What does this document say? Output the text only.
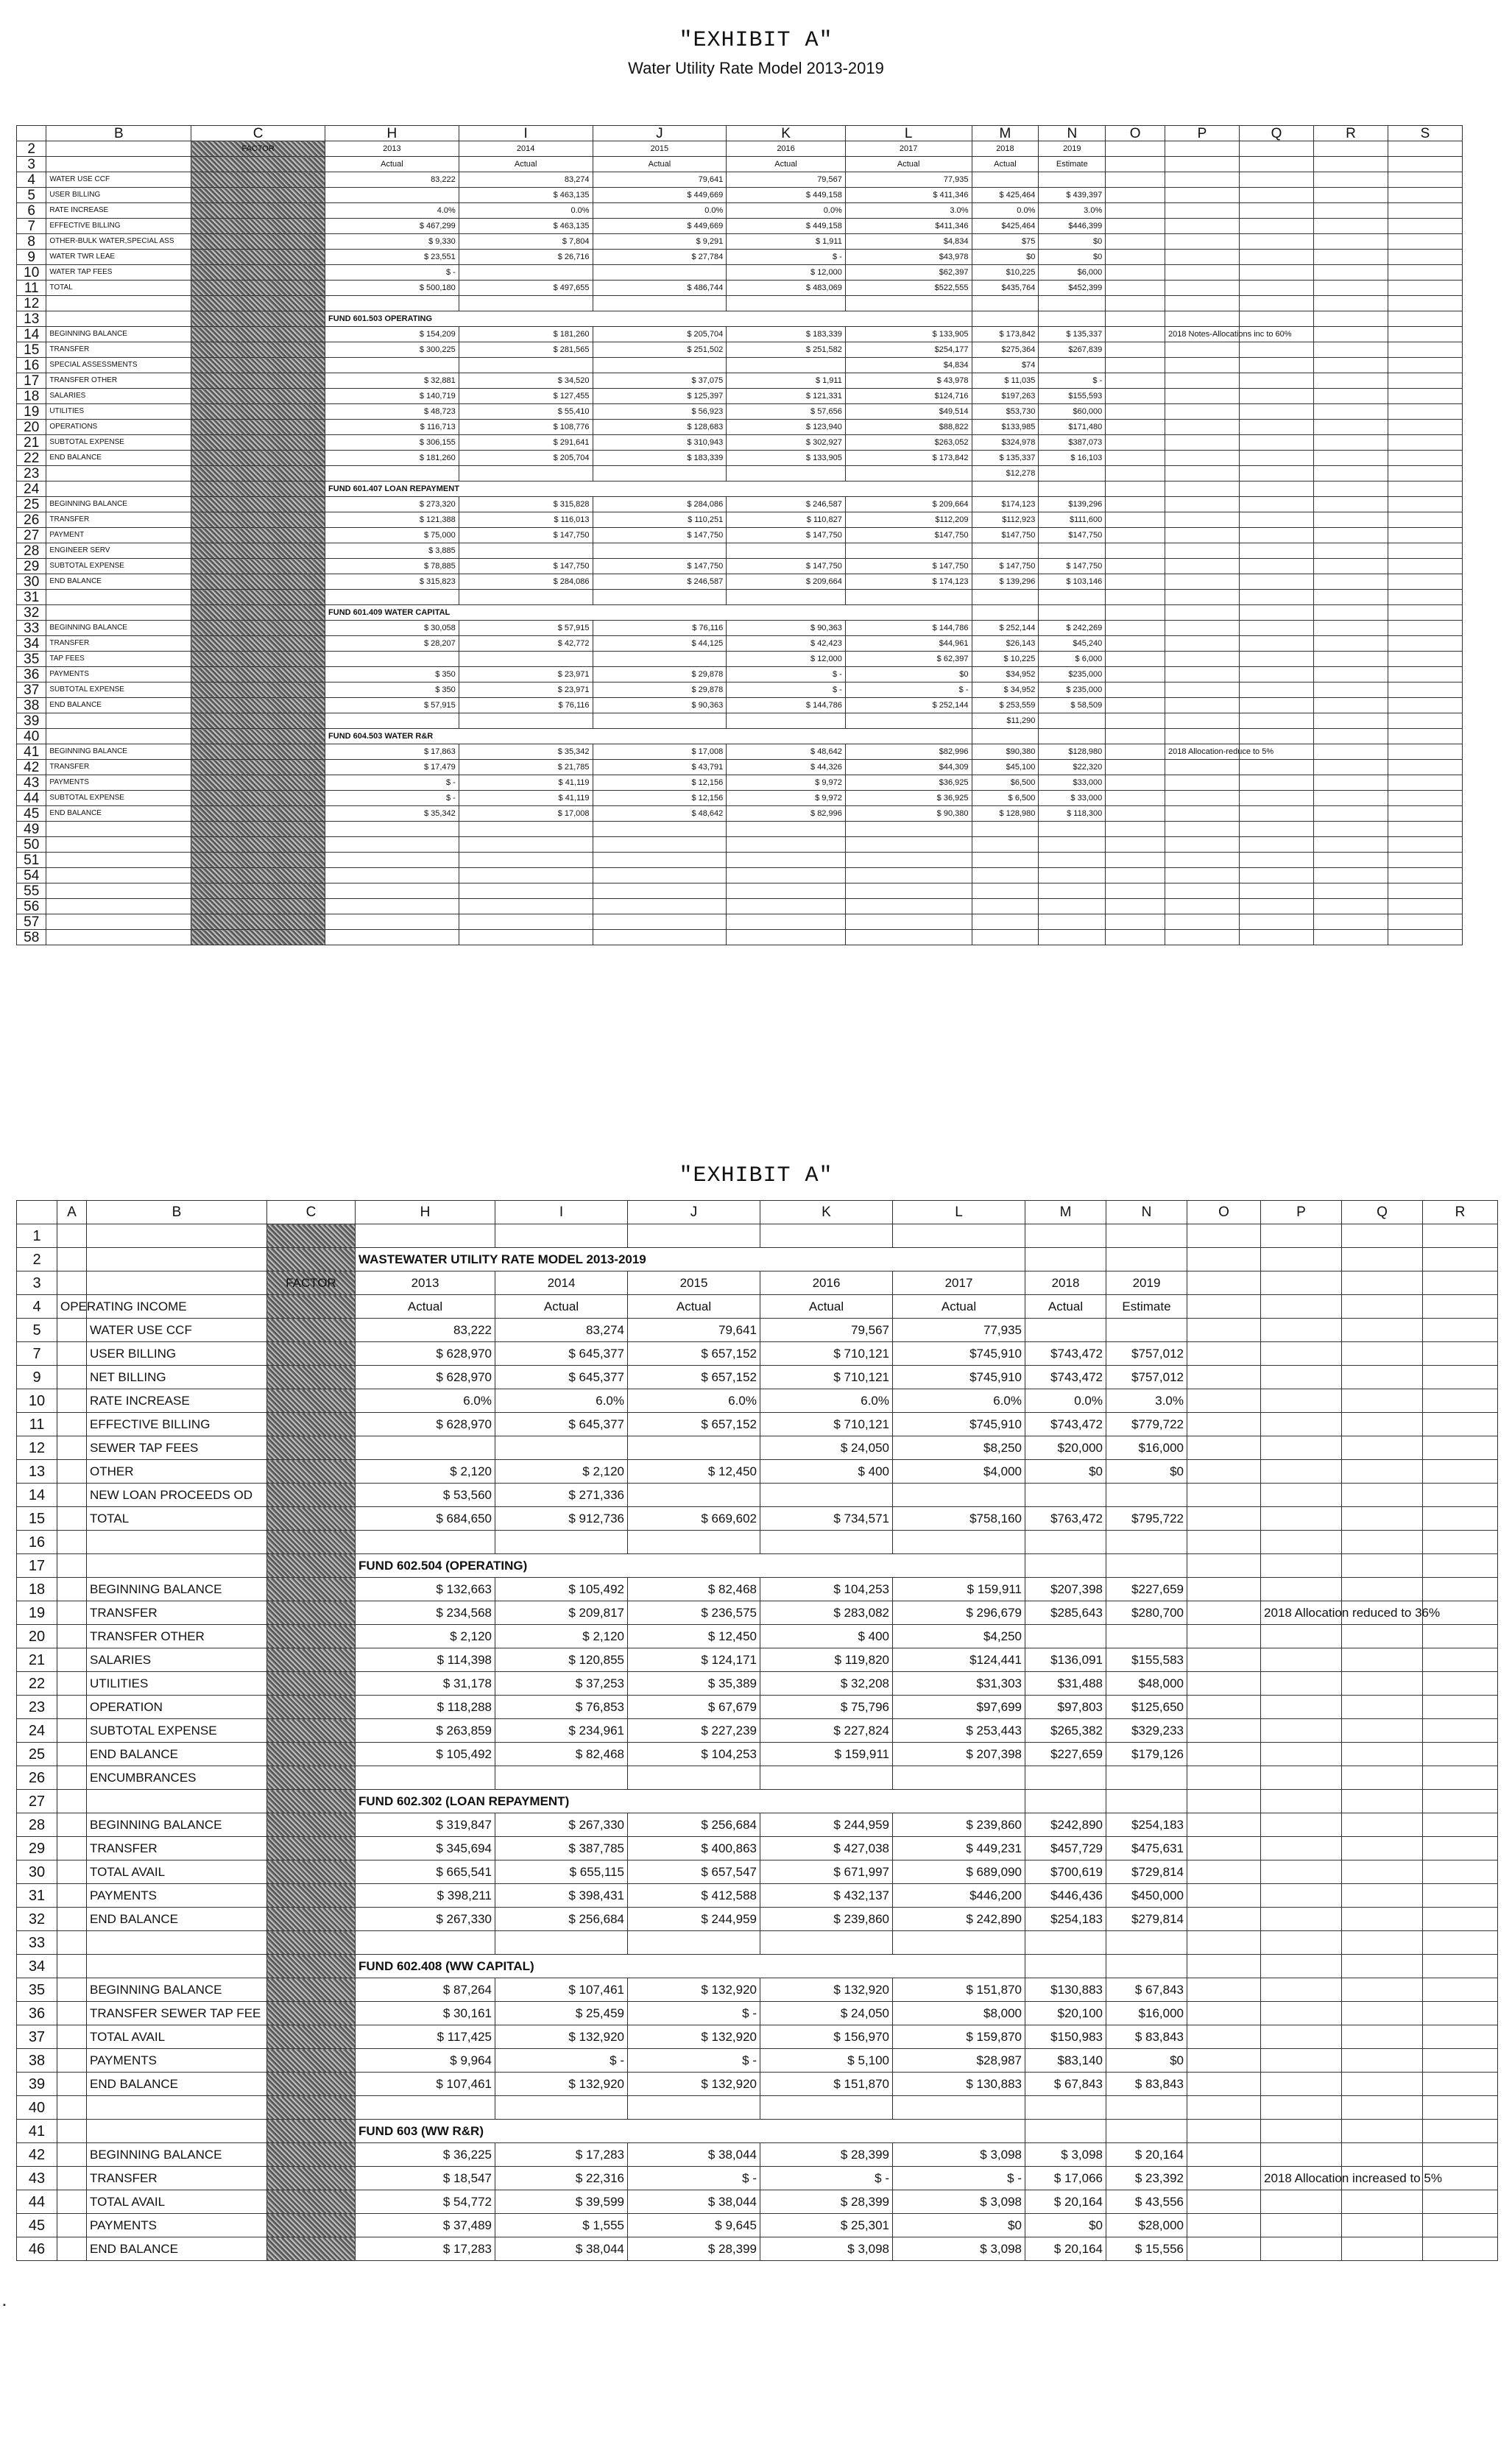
"EXHIBIT A"
Water Utility Rate Model 2013-2019
	B	C	H	I	J	K	L	M	N	O	P	Q	R	S
2		FACTOR	2013	2014	2015	2016	2017	2018	2019					
3			Actual	Actual	Actual	Actual	Actual	Actual	Estimate					
4	WATER USE CCF		83,222	83,274	79,641	79,567	77,935							
5	USER BILLING			$ 463,135	$ 449,669	$ 449,158	$ 411,346	$ 425,464	$ 439,397					
6	RATE INCREASE		4.0%	0.0%	0.0%	0.0%	3.0%	0.0%	3.0%					
7	EFFECTIVE BILLING		$ 467,299	$ 463,135	$ 449,669	$ 449,158	$411,346	$425,464	$446,399					
8	OTHER-BULK WATER,SPECIAL ASS		$ 9,330	$ 7,804	$ 9,291	$ 1,911	$4,834	$75	$0					
9	WATER TWR LEAE		$ 23,551	$ 26,716	$ 27,784	$ -	$43,978	$0	$0					
10	WATER TAP FEES		$ -			$ 12,000	$62,397	$10,225	$6,000					
11	TOTAL		$ 500,180	$ 497,655	$ 486,744	$ 483,069	$522,555	$435,764	$452,399					
12														
13			FUND 601.503 OPERATING											
14	BEGINNING BALANCE		$ 154,209	$ 181,260	$ 205,704	$ 183,339	$ 133,905	$ 173,842	$ 135,337		2018 Notes-Allocations inc to 60%			
15	TRANSFER		$ 300,225	$ 281,565	$ 251,502	$ 251,582	$254,177	$275,364	$267,839					
16	SPECIAL ASSESSMENTS						$4,834	$74						
17	TRANSFER OTHER		$ 32,881	$ 34,520	$ 37,075	$ 1,911	$ 43,978	$ 11,035	$ -					
18	SALARIES		$ 140,719	$ 127,455	$ 125,397	$ 121,331	$124,716	$197,263	$155,593					
19	UTILITIES		$ 48,723	$ 55,410	$ 56,923	$ 57,656	$49,514	$53,730	$60,000					
20	OPERATIONS		$ 116,713	$ 108,776	$ 128,683	$ 123,940	$88,822	$133,985	$171,480					
21	SUBTOTAL EXPENSE		$ 306,155	$ 291,641	$ 310,943	$ 302,927	$263,052	$324,978	$387,073					
22	END BALANCE		$ 181,260	$ 205,704	$ 183,339	$ 133,905	$ 173,842	$ 135,337	$ 16,103					
23								$12,278						
24			FUND 601.407 LOAN REPAYMENT											
25	BEGINNING BALANCE		$ 273,320	$ 315,828	$ 284,086	$ 246,587	$ 209,664	$174,123	$139,296					
26	TRANSFER		$ 121,388	$ 116,013	$ 110,251	$ 110,827	$112,209	$112,923	$111,600					
27	PAYMENT		$ 75,000	$ 147,750	$ 147,750	$ 147,750	$147,750	$147,750	$147,750					
28	ENGINEER SERV		$ 3,885											
29	SUBTOTAL EXPENSE		$ 78,885	$ 147,750	$ 147,750	$ 147,750	$ 147,750	$ 147,750	$ 147,750					
30	END BALANCE		$ 315,823	$ 284,086	$ 246,587	$ 209,664	$ 174,123	$ 139,296	$ 103,146					
31														
32			FUND 601.409 WATER CAPITAL											
33	BEGINNING BALANCE		$ 30,058	$ 57,915	$ 76,116	$ 90,363	$ 144,786	$ 252,144	$ 242,269					
34	TRANSFER		$ 28,207	$ 42,772	$ 44,125	$ 42,423	$44,961	$26,143	$45,240					
35	TAP FEES					$ 12,000	$ 62,397	$ 10,225	$ 6,000					
36	PAYMENTS		$ 350	$ 23,971	$ 29,878	$ -	$0	$34,952	$235,000					
37	SUBTOTAL EXPENSE		$ 350	$ 23,971	$ 29,878	$ -	$ -	$ 34,952	$ 235,000					
38	END BALANCE		$ 57,915	$ 76,116	$ 90,363	$ 144,786	$ 252,144	$ 253,559	$ 58,509					
39								$11,290						
40			FUND 604.503 WATER R&R											
41	BEGINNING BALANCE		$ 17,863	$ 35,342	$ 17,008	$ 48,642	$82,996	$90,380	$128,980		2018 Allocation-reduce to 5%			
42	TRANSFER		$ 17,479	$ 21,785	$ 43,791	$ 44,326	$44,309	$45,100	$22,320					
43	PAYMENTS		$ -	$ 41,119	$ 12,156	$ 9,972	$36,925	$6,500	$33,000					
44	SUBTOTAL EXPENSE		$ -	$ 41,119	$ 12,156	$ 9,972	$ 36,925	$ 6,500	$ 33,000					
45	END BALANCE		$ 35,342	$ 17,008	$ 48,642	$ 82,996	$ 90,380	$ 128,980	$ 118,300					
49														
50														
51														
54														
55														
56														
57														
58														
"EXHIBIT A"
	A	B	C	H	I	J	K	L	M	N	O	P	Q	R
1														
2				WASTEWATER UTILITY RATE MODEL 2013-2019										
3			FACTOR	2013	2014	2015	2016	2017	2018	2019				
4	OPERATING INCOME			Actual	Actual	Actual	Actual	Actual	Actual	Estimate				
5		WATER USE CCF		83,222	83,274	79,641	79,567	77,935						
7		USER BILLING		$ 628,970	$ 645,377	$ 657,152	$ 710,121	$745,910	$743,472	$757,012				
9		NET BILLING		$ 628,970	$ 645,377	$ 657,152	$ 710,121	$745,910	$743,472	$757,012				
10		RATE INCREASE		6.0%	6.0%	6.0%	6.0%	6.0%	0.0%	3.0%				
11		EFFECTIVE BILLING		$ 628,970	$ 645,377	$ 657,152	$ 710,121	$745,910	$743,472	$779,722				
12		SEWER TAP FEES					$ 24,050	$8,250	$20,000	$16,000				
13		OTHER		$ 2,120	$ 2,120	$ 12,450	$ 400	$4,000	$0	$0				
14		NEW LOAN PROCEEDS OD		$ 53,560	$ 271,336									
15		TOTAL		$ 684,650	$ 912,736	$ 669,602	$ 734,571	$758,160	$763,472	$795,722				
16														
17				FUND 602.504 (OPERATING)										
18		BEGINNING BALANCE		$ 132,663	$ 105,492	$ 82,468	$ 104,253	$ 159,911	$207,398	$227,659				
19		TRANSFER		$ 234,568	$ 209,817	$ 236,575	$ 283,082	$ 296,679	$285,643	$280,700		2018 Allocation reduced to 36%		
20		TRANSFER OTHER		$ 2,120	$ 2,120	$ 12,450	$ 400	$4,250						
21		SALARIES		$ 114,398	$ 120,855	$ 124,171	$ 119,820	$124,441	$136,091	$155,583				
22		UTILITIES		$ 31,178	$ 37,253	$ 35,389	$ 32,208	$31,303	$31,488	$48,000				
23		OPERATION		$ 118,288	$ 76,853	$ 67,679	$ 75,796	$97,699	$97,803	$125,650				
24		SUBTOTAL EXPENSE		$ 263,859	$ 234,961	$ 227,239	$ 227,824	$ 253,443	$265,382	$329,233				
25		END BALANCE		$ 105,492	$ 82,468	$ 104,253	$ 159,911	$ 207,398	$227,659	$179,126				
26		ENCUMBRANCES												
27				FUND 602.302 (LOAN REPAYMENT)										
28		BEGINNING BALANCE		$ 319,847	$ 267,330	$ 256,684	$ 244,959	$ 239,860	$242,890	$254,183				
29		TRANSFER		$ 345,694	$ 387,785	$ 400,863	$ 427,038	$ 449,231	$457,729	$475,631				
30		TOTAL AVAIL		$ 665,541	$ 655,115	$ 657,547	$ 671,997	$ 689,090	$700,619	$729,814				
31		PAYMENTS		$ 398,211	$ 398,431	$ 412,588	$ 432,137	$446,200	$446,436	$450,000				
32		END BALANCE		$ 267,330	$ 256,684	$ 244,959	$ 239,860	$ 242,890	$254,183	$279,814				
33														
34				FUND 602.408 (WW CAPITAL)										
35		BEGINNING BALANCE		$ 87,264	$ 107,461	$ 132,920	$ 132,920	$ 151,870	$130,883	$ 67,843				
36		TRANSFER SEWER TAP FEE		$ 30,161	$ 25,459	$ -	$ 24,050	$8,000	$20,100	$16,000				
37		TOTAL AVAIL		$ 117,425	$ 132,920	$ 132,920	$ 156,970	$ 159,870	$150,983	$ 83,843				
38		PAYMENTS		$ 9,964	$ -	$ -	$ 5,100	$28,987	$83,140	$0				
39		END BALANCE		$ 107,461	$ 132,920	$ 132,920	$ 151,870	$ 130,883	$ 67,843	$ 83,843				
40														
41				FUND 603 (WW R&R)										
42		BEGINNING BALANCE		$ 36,225	$ 17,283	$ 38,044	$ 28,399	$ 3,098	$ 3,098	$ 20,164				
43		TRANSFER		$ 18,547	$ 22,316	$ -	$ -	$ -	$ 17,066	$ 23,392		2018 Allocation increased to 5%		
44		TOTAL AVAIL		$ 54,772	$ 39,599	$ 38,044	$ 28,399	$ 3,098	$ 20,164	$ 43,556				
45		PAYMENTS		$ 37,489	$ 1,555	$ 9,645	$ 25,301	$0	$0	$28,000				
46		END BALANCE		$ 17,283	$ 38,044	$ 28,399	$ 3,098	$ 3,098	$ 20,164	$ 15,556				
▪
